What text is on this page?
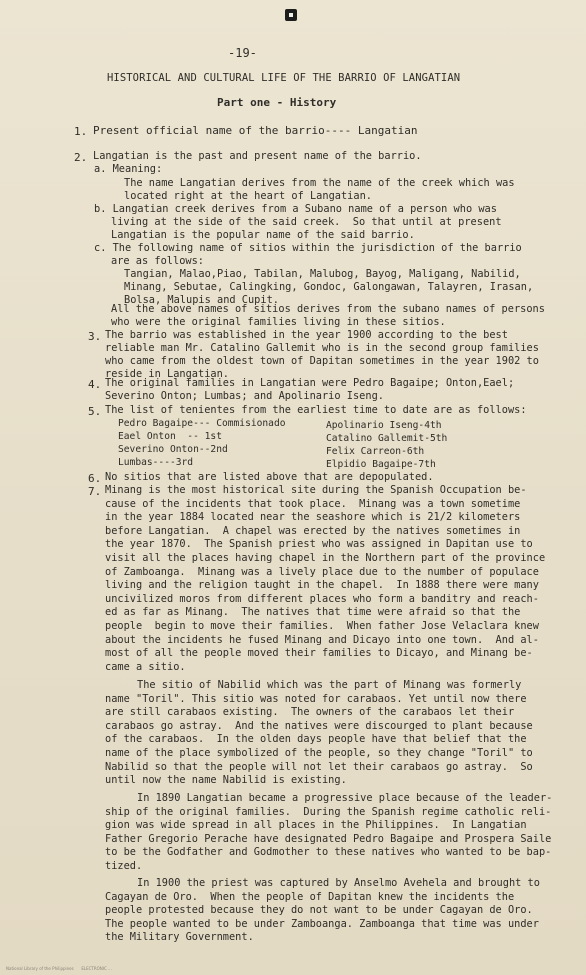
-19-
HISTORICAL AND CULTURAL LIFE OF THE BARRIO OF LANGATIAN
Part one - History
1. Present official name of the barrio---- Langatian
2. Langatian is the past and present name of the barrio.
a. Meaning:
The name Langatian derives from the name of the creek which was
located right at the heart of Langatian.
b. Langatian creek derives from a Subano name of a person who was
living at the side of the said creek.  So that until at present
Langatian is the popular name of the said barrio.
c. The following name of sitios within the jurisdiction of the barrio
are as follows:
Tangian, Malao,Piao, Tabilan, Malubog, Bayog, Maligang, Nabilid,
Minang, Sebutae, Calingking, Gondoc, Galongawan, Talayren, Irasan,
Bolsa, Malupis and Cupit.
All the above names of sitios derives from the subano names of persons
who were the original families living in these sitios.
3. The barrio was established in the year 1900 according to the best
reliable man Mr. Catalino Gallemit who is in the second group families
who came from the oldest town of Dapitan sometimes in the year 1902 to
reside in Langatian.
4. The original families in Langatian were Pedro Bagaipe; Onton,Eael;
Severino Onton; Lumbas; and Apolinario Iseng.
5. The list of tenientes from the earliest time to date are as follows:
Pedro Bagaipe--- Commisionado
Eael Onton  -- 1st
Severino Onton--2nd
Lumbas----3rd
Apolinario Iseng-4th
Catalino Gallemit-5th
Felix Carreon-6th
Elpidio Bagaipe-7th
6. No sitios that are listed above that are depopulated.
7. Minang is the most historical site during the Spanish Occupation be-
cause of the incidents that took place.  Minang was a town sometime
in the year 1884 located near the seashore which is 21/2 kilometers
before Langatian.  A chapel was erected by the natives sometimes in
the year 1870.  The Spanish priest who was assigned in Dapitan use to
visit all the places having chapel in the Northern part of the province
of Zamboanga.  Minang was a lively place due to the number of populace
living and the religion taught in the chapel.  In 1888 there were many
uncivilized moros from different places who form a banditry and reach-
ed as far as Minang.  The natives that time were afraid so that the
people  begin to move their families.  When father Jose Velaclara knew
about the incidents he fused Minang and Dicayo into one town.  And al-
most of all the people moved their families to Dicayo, and Minang be-
came a sitio.
The sitio of Nabilid which was the part of Minang was formerly
name "Toril". This sitio was noted for carabaos. Yet until now there
are still carabaos existing.  The owners of the carabaos let their
carabaos go astray.  And the natives were discourged to plant because
of the carabaos.  In the olden days people have that belief that the
name of the place symbolized of the people, so they change "Toril" to
Nabilid so that the people will not let their carabaos go astray.  So
until now the name Nabilid is existing.
In 1890 Langatian became a progressive place because of the leader-
ship of the original families.  During the Spanish regime catholic reli-
gion was wide spread in all places in the Philippines.  In Langatian
Father Gregorio Perache have designated Pedro Bagaipe and Prospera Saile
to be the Godfather and Godmother to these natives who wanted to be bap-
tized.
In 1900 the priest was captured by Anselmo Avehela and brought to
Cagayan de Oro.  When the people of Dapitan knew the incidents the
people protested because they do not want to be under Cagayan de Oro.
The people wanted to be under Zamboanga. Zamboanga that time was under
the Military Government.
National Library of the Philippines      ELECTRONIC ...
